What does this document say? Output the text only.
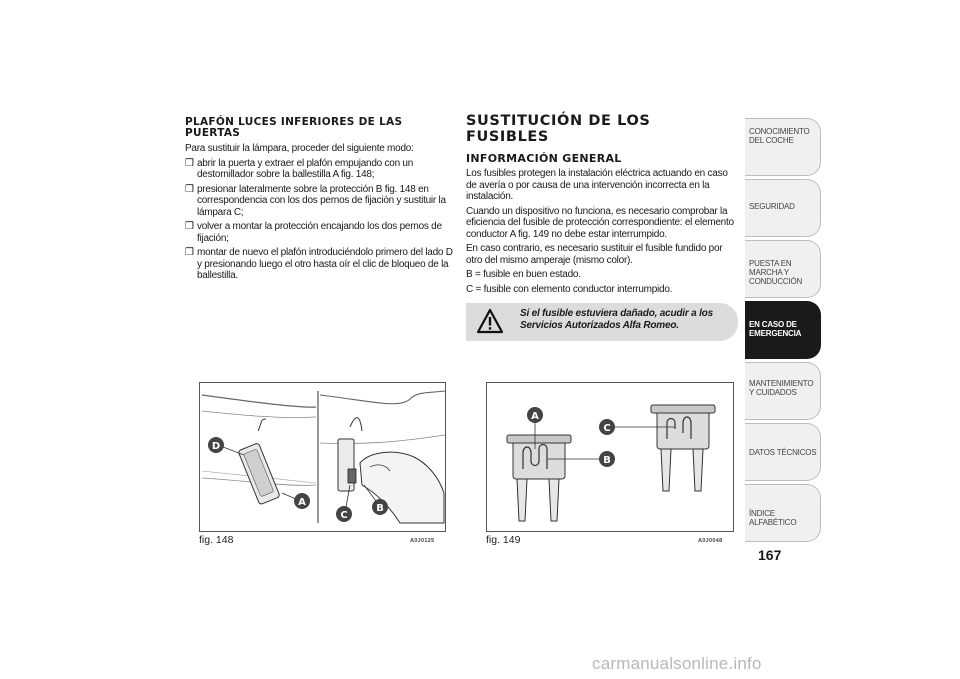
PLAFÓN LUCES INFERIORES DE LAS
PUERTAS
Para sustituir la lámpara, proceder del siguiente modo:
❒ abrir la puerta y extraer el plafón empujando con un destornillador sobre la ballestilla A fig. 148;
❒ presionar lateralmente sobre la protección B fig. 148 en correspondencia con los dos pernos de fijación y sustituir la lámpara C;
❒ volver a montar la protección encajando los dos pernos de fijación;
❒ montar de nuevo el plafón introduciéndolo primero del lado D y presionando luego el otro hasta oír el clic de bloqueo de la ballestilla.
SUSTITUCIÓN DE LOS FUSIBLES
INFORMACIÓN GENERAL
Los fusibles protegen la instalación eléctrica actuando en caso de avería o por causa de una intervención incorrecta en la instalación.
Cuando un dispositivo no funciona, es necesario comprobar la eficiencia del fusible de protección correspondiente: el elemento conductor A fig. 149 no debe estar interrumpido.
En caso contrario, es necesario sustituir el fusible fundido por otro del mismo amperaje (mismo color).
B = fusible en buen estado.
C = fusible con elemento conductor interrumpido.
Si el fusible estuviera dañado, acudir a los Servicios Autorizados Alfa Romeo.
D
A
C
B
fig. 148	A0J0125
A
C
B
fig. 149	A0J0048
CONOCIMIENTO DEL COCHE
SEGURIDAD
PUESTA EN MARCHA Y CONDUCCIÓN
EN CASO DE EMERGENCIA
MANTENIMIENTO Y CUIDADOS
DATOS TÉCNICOS
ÍNDICE ALFABÉTICO
167
carmanualsonline.info
